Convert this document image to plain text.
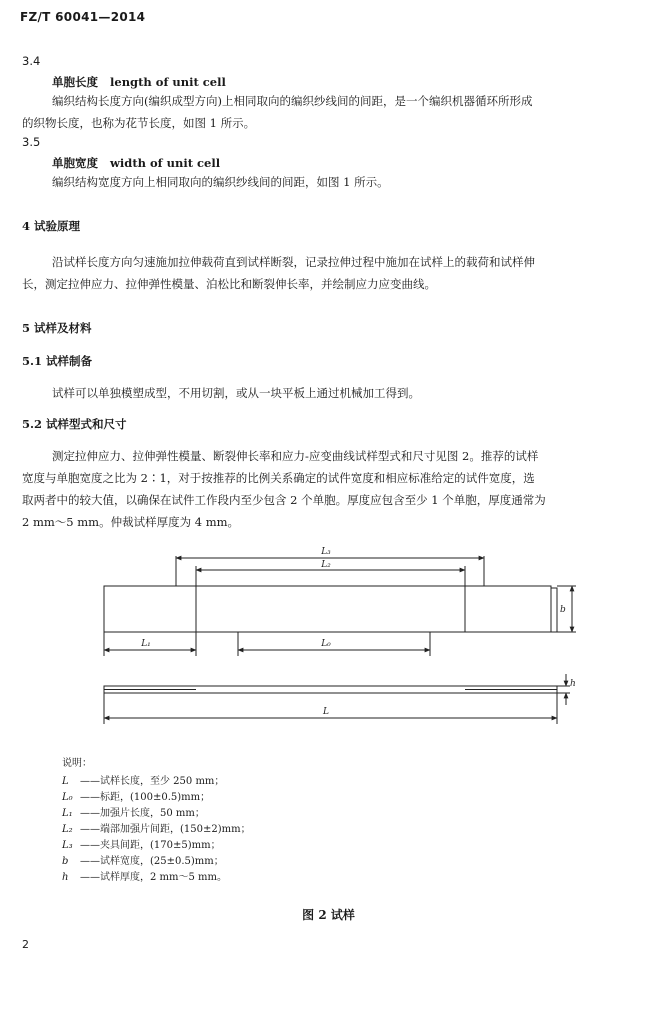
FZ/T 60041—2014
3.4
单胞长度 length of unit cell
编织结构长度方向(编织成型方向)上相同取向的编织纱线间的间距，是一个编织机器循环所形成
的织物长度，也称为花节长度，如图 1 所示。
3.5
单胞宽度 width of unit cell
编织结构宽度方向上相同取向的编织纱线间的间距，如图 1 所示。
4 试验原理
沿试样长度方向匀速施加拉伸载荷直到试样断裂，记录拉伸过程中施加在试样上的载荷和试样伸
长，测定拉伸应力、拉伸弹性模量、泊松比和断裂伸长率，并绘制应力应变曲线。
5 试样及材料
5.1 试样制备
试样可以单独模塑成型，不用切割，或从一块平板上通过机械加工得到。
5.2 试样型式和尺寸
测定拉伸应力、拉伸弹性模量、断裂伸长率和应力-应变曲线试样型式和尺寸见图 2。推荐的试样
宽度与单胞宽度之比为 2∶1，对于按推荐的比例关系确定的试件宽度和相应标准给定的试件宽度，选
取两者中的较大值，以确保在试件工作段内至少包含 2 个单胞。厚度应包含至少 1 个单胞，厚度通常为
2 mm～5 mm。仲裁试样厚度为 4 mm。
L₃
L₂
b
L₁	L₀
h
L
说明：
L ——试样长度，至少 250 mm；
L₀ ——标距，(100±0.5)mm；
L₁ ——加强片长度，50 mm；
L₂ ——端部加强片间距，(150±2)mm；
L₃ ——夹具间距，(170±5)mm；
b ——试样宽度，(25±0.5)mm；
h ——试样厚度，2 mm～5 mm。
图 2 试样
2
